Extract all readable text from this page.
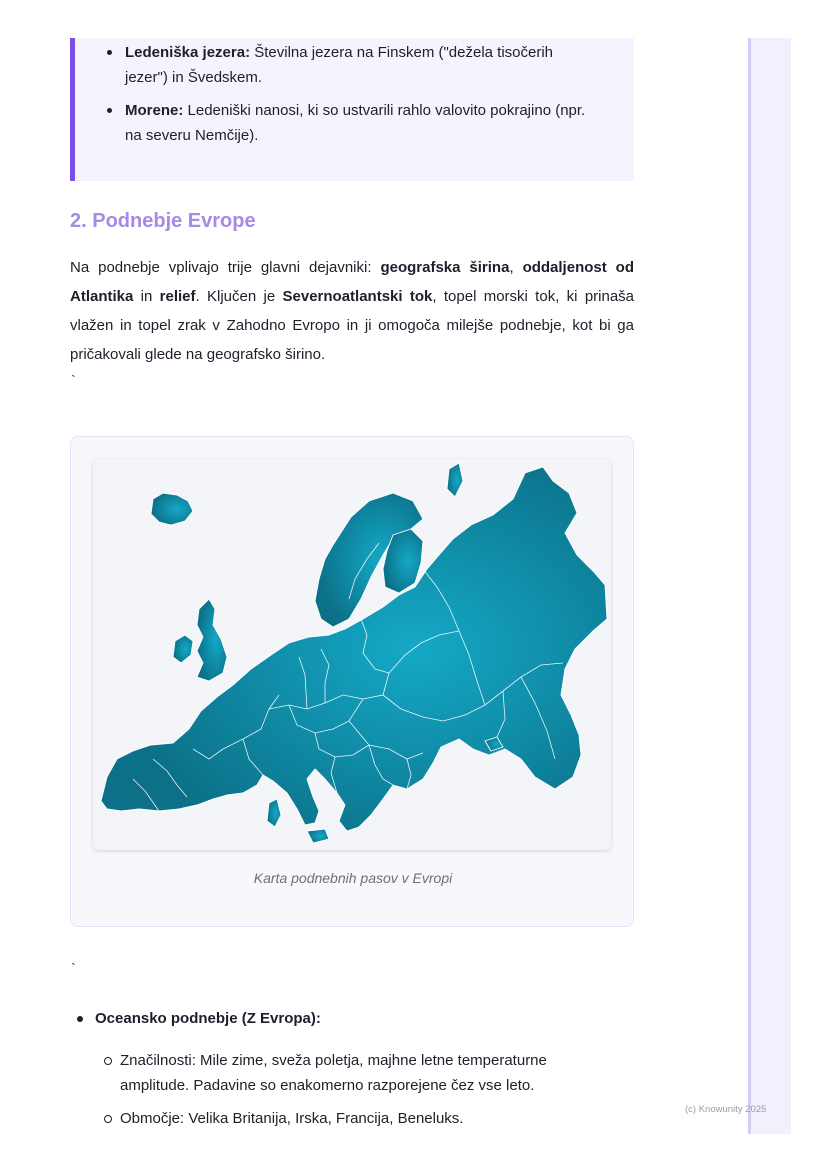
(c) Knowunity 2025
Ledeniška jezera: Številna jezera na Finskem ("dežela tisočerih jezer") in Švedskem.
Morene: Ledeniški nanosi, ki so ustvarili rahlo valovito pokrajino (npr. na severu Nemčije).
2. Podnebje Evrope

Na podnebje vplivajo trije glavni dejavniki: geografska širina, oddaljenost od Atlantika in relief. Ključen je Severnoatlantski tok, topel morski tok, ki prinaša vlažen in topel zrak v Zahodno Evropo in ji omogoča milejše podnebje, kot bi ga pričakovali glede na geografsko širino.

`
Karta podnebnih pasov v Evropi
`
Oceansko podnebje (Z Evropa):
Značilnosti: Mile zime, sveža poletja, majhne letne temperaturne amplitude. Padavine so enakomerno razporejene čez vse leto.
Območje: Velika Britanija, Irska, Francija, Beneluks.
